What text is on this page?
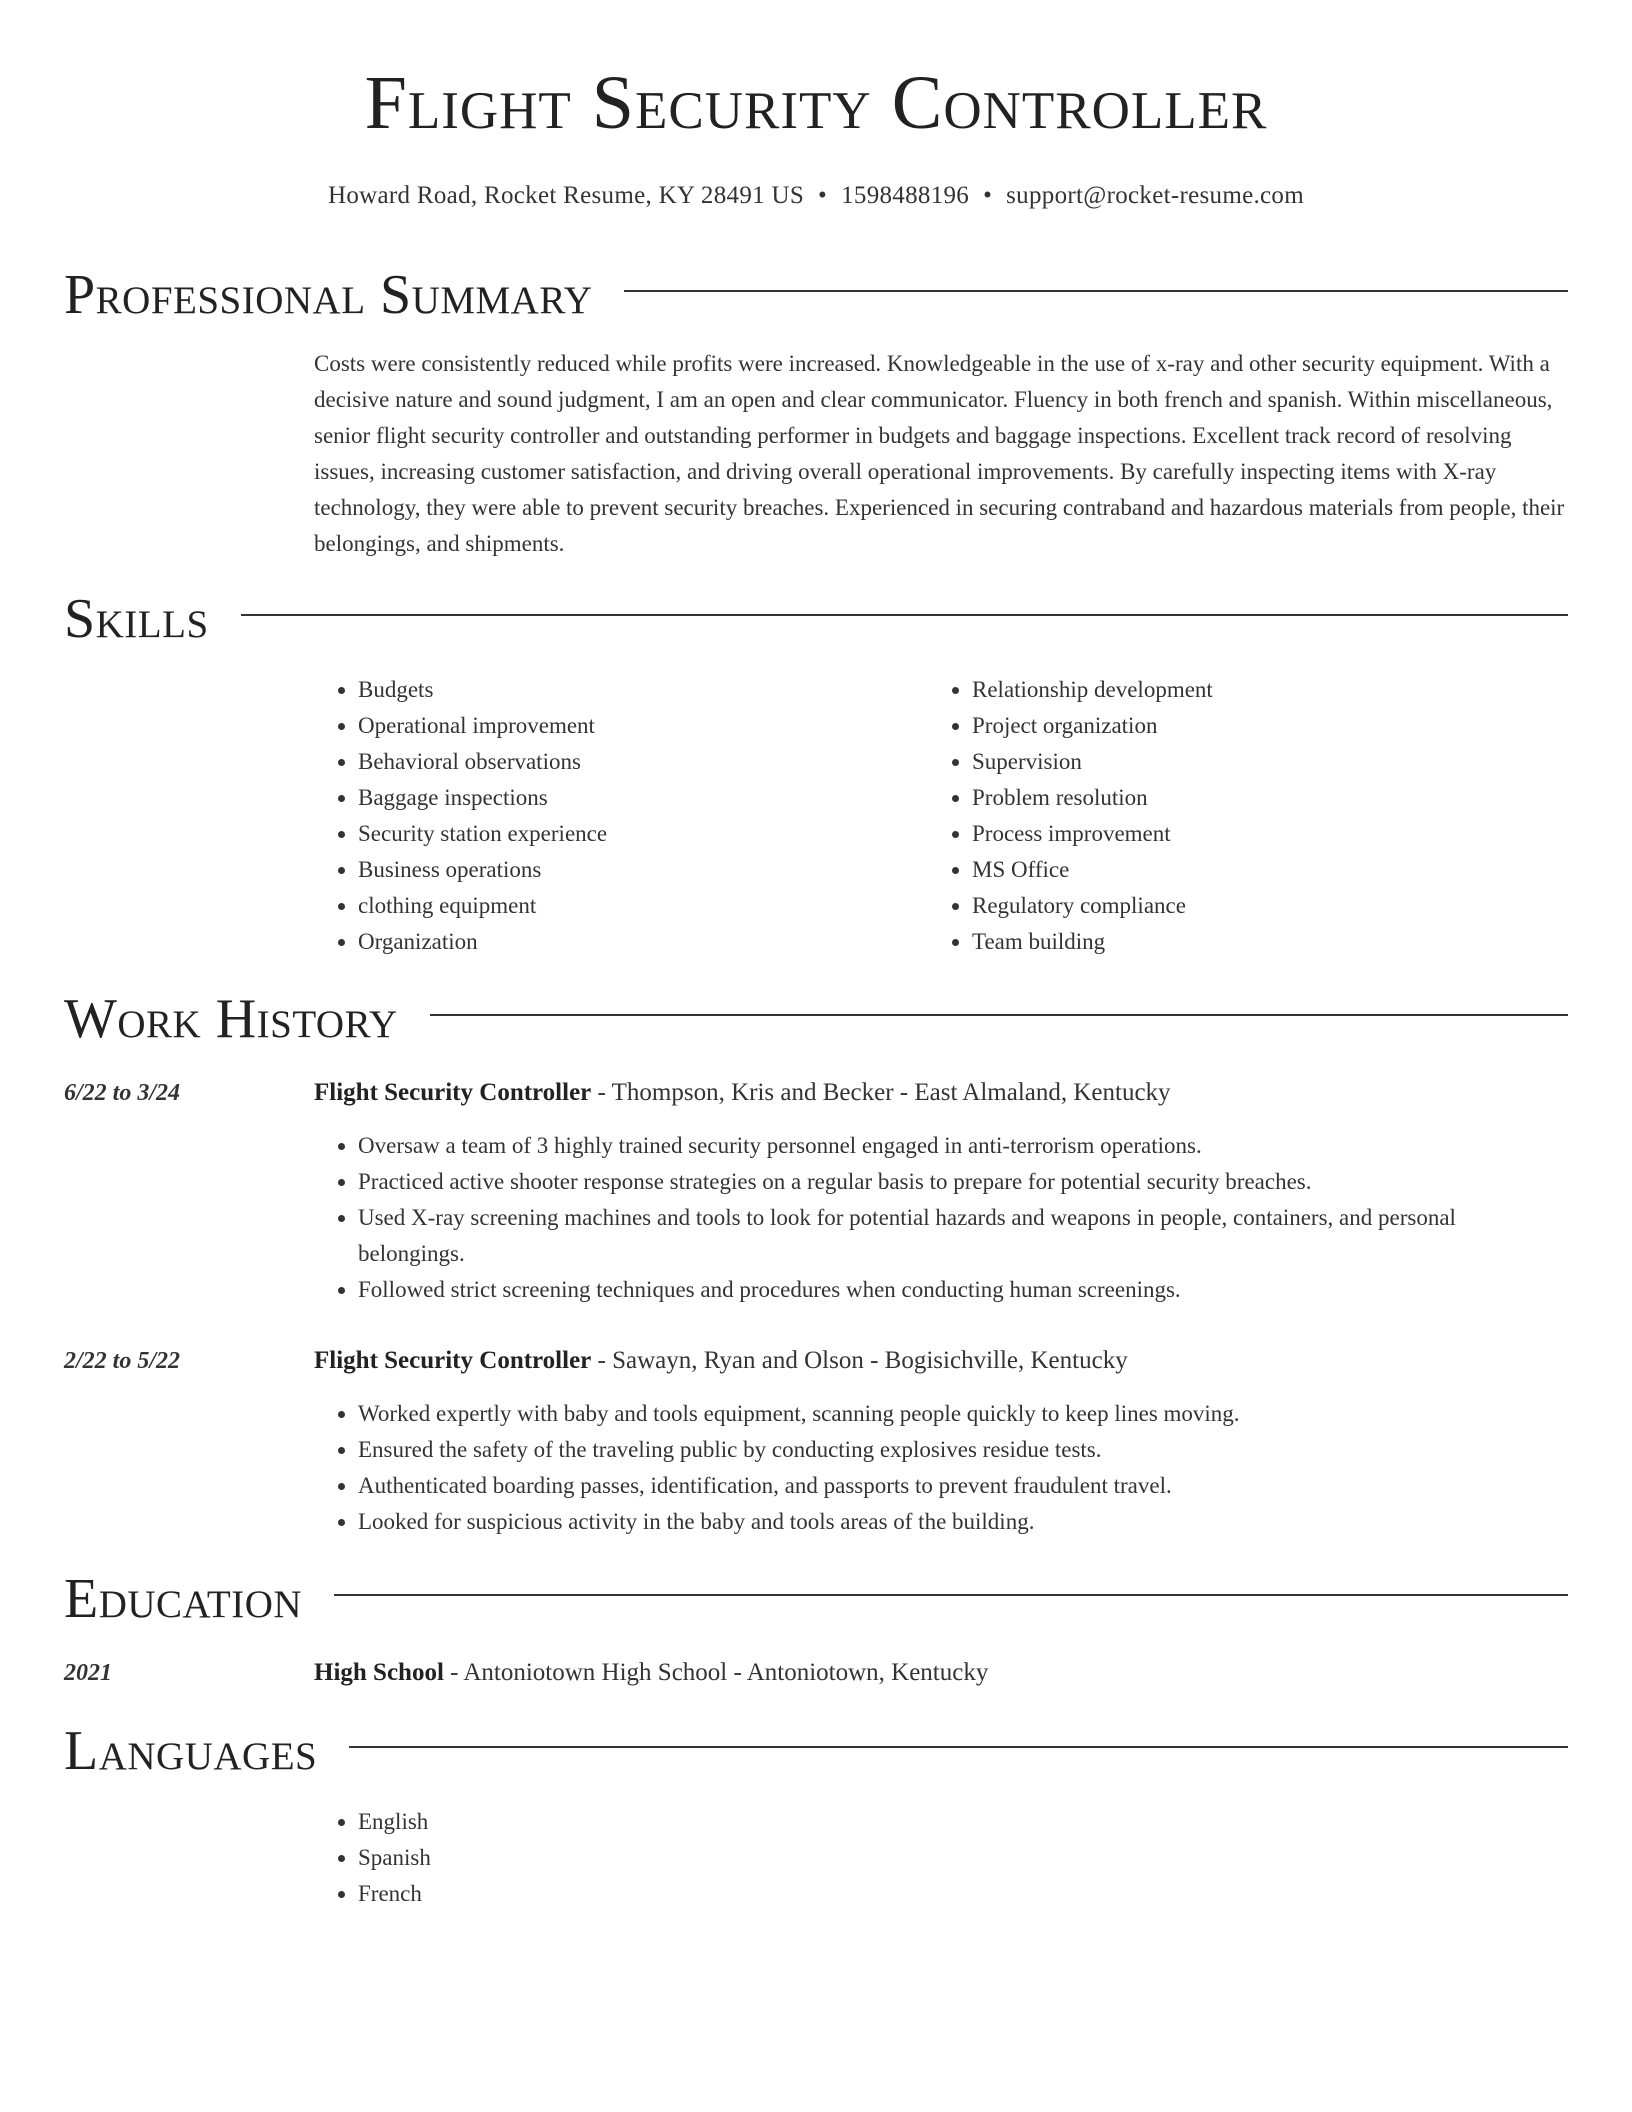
Flight Security Controller
Howard Road, Rocket Resume, KY 28491 US • 1598488196 • support@rocket-resume.com
Professional Summary
Costs were consistently reduced while profits were increased. Knowledgeable in the use of x-ray and other security equipment. With a decisive nature and sound judgment, I am an open and clear communicator. Fluency in both french and spanish. Within miscellaneous, senior flight security controller and outstanding performer in budgets and baggage inspections. Excellent track record of resolving issues, increasing customer satisfaction, and driving overall operational improvements. By carefully inspecting items with X-ray technology, they were able to prevent security breaches. Experienced in securing contraband and hazardous materials from people, their belongings, and shipments.
Skills
• Budgets
• Operational improvement
• Behavioral observations
• Baggage inspections
• Security station experience
• Business operations
• clothing equipment
• Organization
• Relationship development
• Project organization
• Supervision
• Problem resolution
• Process improvement
• MS Office
• Regulatory compliance
• Team building
Work History
6/22 to 3/24	Flight Security Controller - Thompson, Kris and Becker - East Almaland, Kentucky
• Oversaw a team of 3 highly trained security personnel engaged in anti-terrorism operations.
• Practiced active shooter response strategies on a regular basis to prepare for potential security breaches.
• Used X-ray screening machines and tools to look for potential hazards and weapons in people, containers, and personal belongings.
• Followed strict screening techniques and procedures when conducting human screenings.
2/22 to 5/22	Flight Security Controller - Sawayn, Ryan and Olson - Bogisichville, Kentucky
• Worked expertly with baby and tools equipment, scanning people quickly to keep lines moving.
• Ensured the safety of the traveling public by conducting explosives residue tests.
• Authenticated boarding passes, identification, and passports to prevent fraudulent travel.
• Looked for suspicious activity in the baby and tools areas of the building.
Education
2021	High School - Antoniotown High School - Antoniotown, Kentucky
Languages
• English
• Spanish
• French
